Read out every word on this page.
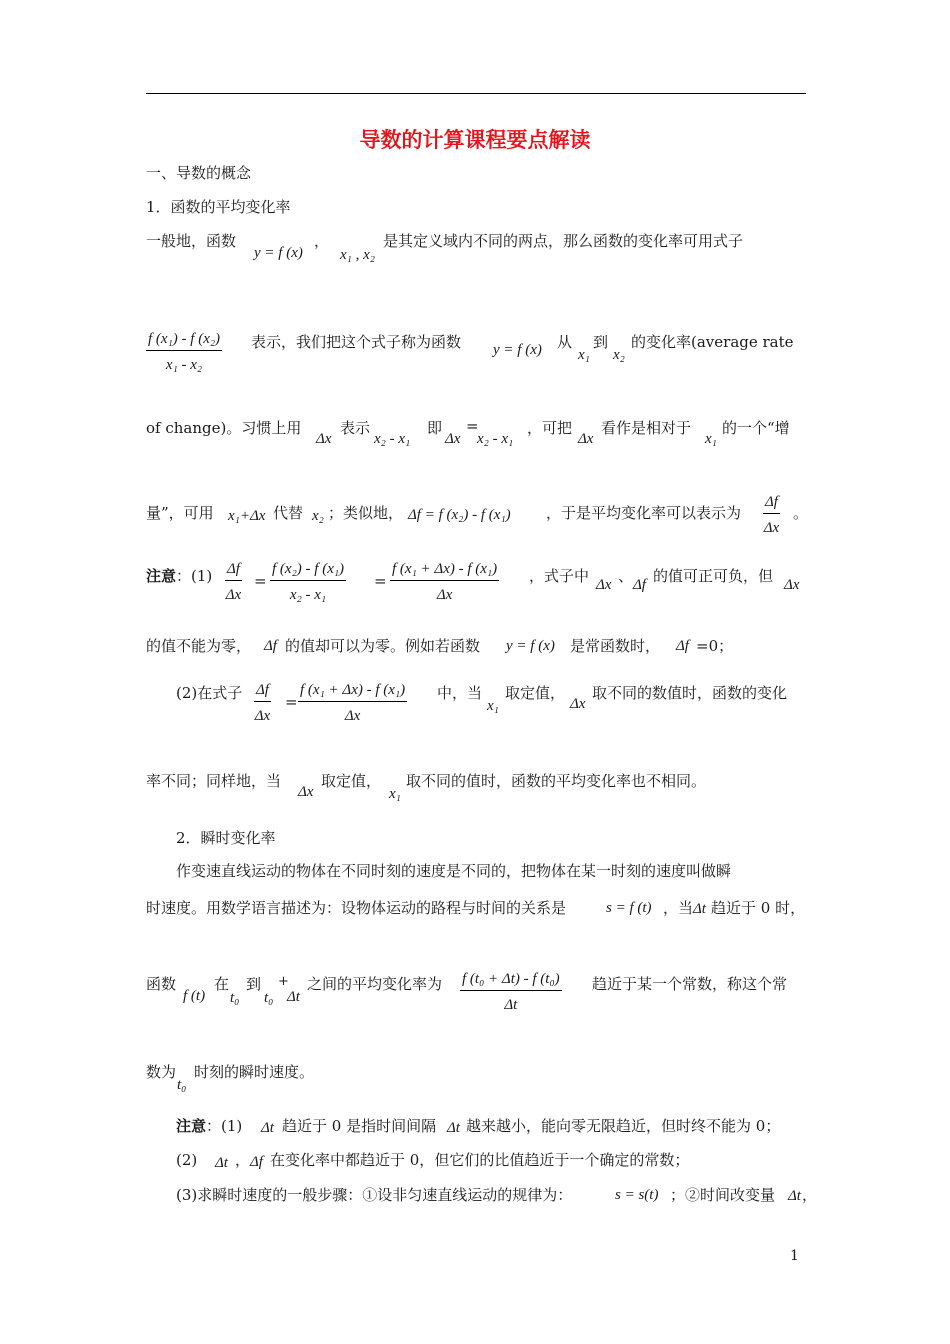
导数的计算课程要点解读
一、导数的概念
1．函数的平均变化率
一般地，函数
y = f (x)
，
x₁ , x₂
是其定义域内不同的两点，那么函数的变化率可用式子
$\frac{\text{f (x₁) - f (x₂)}}{\text{x₁ - x₂}}$ 表示，我们把这个式子称为函数 y = f (x) 从
x₁
到
x₂
的变化率(average rate
of change)。习惯上用
Δx
表示
x₂ - x₁
即
Δx
=
x₂ - x₁
，可把
Δx
看作是相对于
x₁
的一个“增
量”，可用 x₁+Δx 代替 x₂ ；类似地， Δf = f (x₂) - f (x₁) ，于是平均变化率可以表示为 $\frac{\Delta f}{\Delta x}$ 。
注意：$(1) \frac{\Delta f}{\Delta x} = \frac{\text{f (x₂) - f (x₁)}}{\text{x₂ - x₁}} = \frac{\text{f (x₁ + Δx) - f (x₁)}}{\Delta x}$ ，式子中 Δx 、 Δf 的值可正可负，但 Δx
的值不能为零， Δf 的值却可以为零。例如若函数 y = f (x) 是常函数时， Δf =0；
(2)在式子 $\frac{\Delta f}{\Delta x} = \frac{\text{f (x₁ + Δx) - f (x₁)}}{\Delta x}$ 中，当
x₁
取定值，
Δx
取不同的数值时，函数的变化
率不同；同样地，当
Δx
取定值，
x₁
取不同的值时，函数的平均变化率也不相同。
2．瞬时变化率
作变速直线运动的物体在不同时刻的速度是不同的，把物体在某一时刻的速度叫做瞬
时速度。用数学语言描述为：设物体运动的路程与时间的关系是	s = f (t) ，当 Δt 趋近于 0 时，
函数
f (t)
在
t₀
到
t₀
+
Δt
之间的平均变化率为 $\frac{\text{f (t₀ + Δt) - f (t₀)}}{\Delta t}$ 趋近于某一个常数，称这个常
数为
t₀
时刻的瞬时速度。
注意：(1) Δt 趋近于 0 是指时间间隔 Δt 越来越小，能向零无限趋近，但时终不能为 0；
(2) Δt ， Δf 在变化率中都趋近于 0，但它们的比值趋近于一个确定的常数；
(3)求瞬时速度的一般步骤：①设非匀速直线运动的规律为：	s = s(t) ；②时间改变量 Δt ，
1
